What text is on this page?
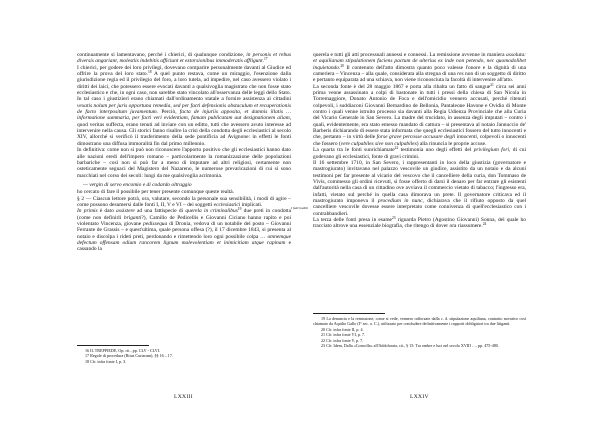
continuamente si lamentavano, perché i chierici, di qualunque condizione, in personis et rebus diversis angariant, molestiis indebitis afficiunt et extorsionibus immoderatis affligunt.$^{17}$

I chierici, per godere dei loro privilegi, dovevano comparire personalmente davanti al Giudice ed offrire la prova del loro stato.$^{18}$ A quel punto restava, come un miraggio, l'esenzione dalla giurisdizione regia ed il privilegio del foro, a loro tutela, ad impedire, nel caso avessero violato i diritti dei laici, che potessero essere evocati davanti a qualsivoglia magistrato che non fosse stato ecclesiastico e che, in ogni caso, non sarebbe stato vincolato all'osservanza delle leggi dello Stato. In tal caso i giustizieri erano chiamati dall'ordinamento statale a fornire assistenza ai cittadini vexatis nolum per juris opportuna remedia, sed per facti defensionis obstaculum et recuperationis de facto interpositum juvamentum. Perciò, facta de injuriis apposita, et damnis illatis … informatione summaria, per facti veri evidentiam, famam publicatam aut designationem aliam, quod veritas suffecta, erano tenuti ad inviare con un editto, tutti che avessero avuto interesse ad intervenire nella causa. Gli storici fanno risalire la crisi della condotta degli ecclesiastici al secolo XIV, allorché si verificò il trasferimento della sede pontificia ad Avignone: in effetti le fonti dimostrano una diffusa immoralità fin dal primo millennio.

In definitiva: come non si può non riconoscere l'apporto positivo che gli ecclesiastici hanno dato alle nazioni eredi dell'impero romano – particolarmente la romanizzazione delle popolazioni barbariche – così non si può far a meno di imputare ad altri religiosi, certamente non osteticamente seguaci del Magistero del Nazareno, le numerose prevaricazioni di cui si sono macchiati nel corso dei secoli: lungi da me qualsivoglia acrimonia.

— vergin di servo encomio e di codardo oltraggio

ho cercato di fare il possibile per tener presente comunque queste realtà.

§ 2 — Ciascun lettore potrà, ora, valutare, secondo la personale sua sensibilità, i modi di agire – come possono desumersi dalle fonti I, II, V e VI – dei soggetti ecclesiastici implicati.

In primis è dato assistere ad una fattispecie di querela in criminalibus$^{19}$ due preti in condotta (come non definirli briganti?), Camillo de Pedicellis e Giovanni Ciciano hanno rapito e poi violentato Vincenza, giovane pedissequa di Dronia, vedova di un notabile del posto – Giovanni Ferrante de Grassis – e quest'ultima, quale persona offesa (?), il 17 dicembre 1843, si presenta al notaio e discolpa i rideti preti, perdonando e rimettendo loro ogni possibile colpa … omnemque defectum offensam odium rancorem lignum malevolentiam et inimicitiam atque rapinam e cassando la

I fatti inediti
16 IL TREPPIEDE, Op. cit., pp. CLV - CLVI.
17 Regole di procedura (Ritus Curiarum), §§ 16 – 17.
18 Cfr. infra fonte I, p. 3.
LXXIII

querela e tutti gli atti processuali annessi e connessi. La remissione avvenne in maniera assoluta: et aquilianam stipulationem faciens pactum de ulterius ex inde non petendo, nec quomodolibet inquietando.$^{20}$ Il contenuto dell'atto dimostra quanto poco valesse l'onore e la dignità di una cameriera – Vincenza – alla quale, considerata alla stregua di una res non di un soggetto di diritto e pertanto equiparata ad una schiava, non viene riconosciuta la facoltà di intervenire all'atto.

La seconda fonte è del 28 maggio 1867 e porta alla ribalta un fatto di sangue$^{21}$ circa sei anni prima venne assassinato a colpi di bastonate in tutti i pressi della chiesa di San Nicola in Torremaggiore, Donato Antonio de Foca e dell'omicidio vennero accusati, perché ritenuti colpevoli, i suddiaconi Giovanni Bernardino de Bellonia, Pantaleone Havone e Ovidio di Monte contro i quali venne istruito processo sia davanti alla Regia Udienza Provinciale che alla Curia del Vicario Generale in San Severo. La madre del trucidato, in assenza degli imputati – contro i quali, evidentemente, era stato emesso mandato di cattura – si presentava al notaio Jannuccio de' Barberis dichiarando di essere stata informata che quegli ecclesiastici fossero del tutto innocenti e che, pertanto – in virtù delle forse grave percosse accusare degli innocenti, colpevoli o innocenti che fossero (vere culpabiles sive non culpabiles) alla rinuncia le proprie accuse.

La quarta tra le fonti sunrichiamate$^{22}$ testimonia uno degli effetti del privilegium fori, di cui godevano gli ecclesiastici, fonte di gravi crimini.

Il 16 settembre 1710, in San Severo, i rappresentanti in loco della giustizia (governatore e mastrogiurato) invitavano nel palazzo vescovile un giudice, assistito da un notaio e da alcuni testimoni per far presente al vicario del vescovo che il cancelliere della curia, don Tommaso de Vivis, commesso gli ordini ricevuti, si fosse offerto di darsi il denaro per far entrare gli esistenti dall'autorità nella casa di un cittadino ove avviava il commercio vietato di tabacco; l'ingresso era, infatti, vietato sul perché in quella casa dimorava un prete. Il governatore criticava ed il mastrogiurato imponeva il procedium in nunc, dichiarava che il rifiuto opposto da quel cancelliere vescovile dovesse essere interpretato come connivenza di quell'ecclesiastico con i contrabbandieri.

La terza delle fonti presa in esame$^{23}$ riguarda Pietro (Agostino Giovanni) Sonna, del quale ho tracciato altrove una essenziale biografia, che ritengo di dover ora riassumere.$^{24}$

19 La denuncia e la remissione, come si vede, vennero rafforzate dalla c. d. stipulazione aquiliana, contratto novativo così chiamato da Aquilio Gallo (I° sec. a. C.), utilizzato per concludere definitivamente i rapporti obbligatori tra due litiganti.
20 Cfr. infra fonte II, p. 4.
21 Cfr. infra fonte VI, p. 7.
22 Cfr. infra fonte V, p. 7.
23 Cfr. Idem, Dalla «Concolla» all'Addolorata, cit., § 15: Tra ombre e luci nel secolo XVIII …, pp. 475-480.
LXXIV
